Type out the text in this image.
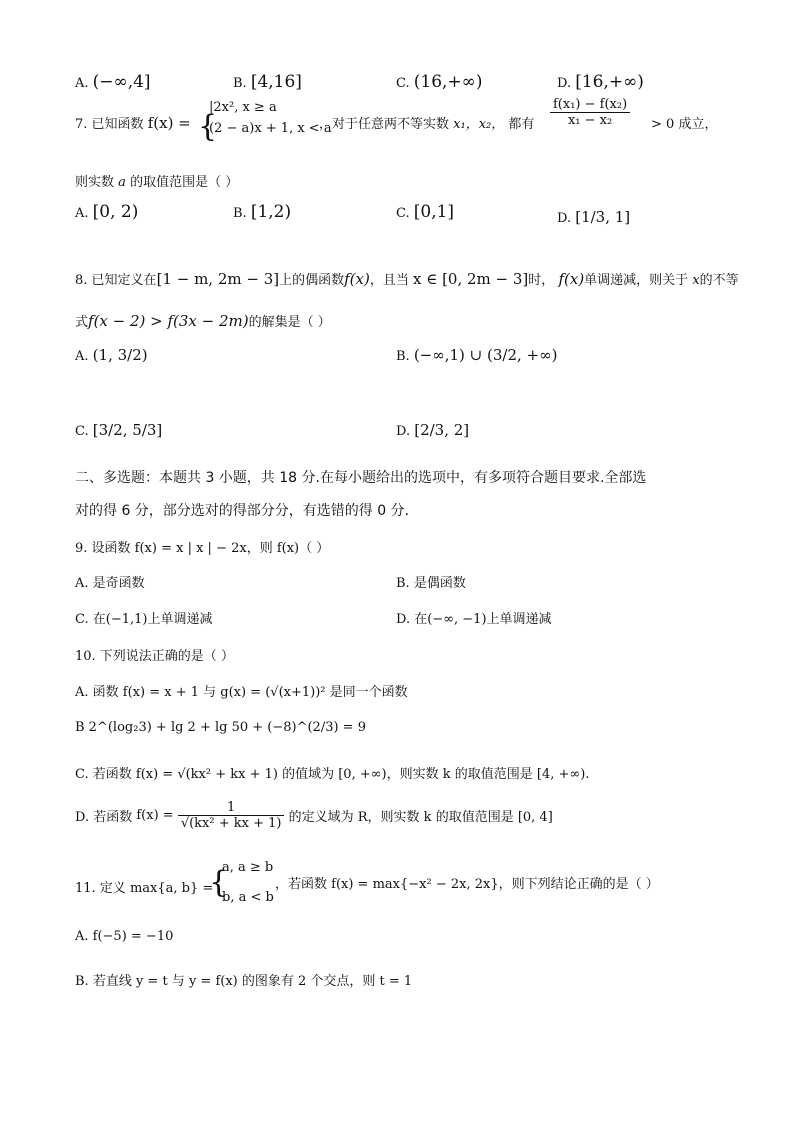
A. (−∞,4]	B. [4,16]	C. (16,+∞)	D. [16,+∞)
7. 已知函数 f(x) = {
|2x², x ≥ a
(2 − a)x + 1, x < a
，对于任意两不等实数 x₁，x₂， 都有 $\frac{\text{f(x₁) − f(x₂)}}{\text{x₁ − x₂}} > 0$ 成立，
则实数 a 的取值范围是（ ）
A. [0, 2)	B. [1,2)	C. [0,1]	D. [1/3, 1]
8. 已知定义在[1 − m, 2m − 3]上的偶函数f(x)，且当 x ∈ [0, 2m − 3]时， f(x)单调递减，则关于 x的不等
式f(x − 2) > f(3x − 2m)的解集是（ ）
A. (1, 3/2)	B. (−∞,1) ∪ (3/2, +∞)
C. [3/2, 5/3]	D. [2/3, 2]
二、多选题：本题共 3 小题，共 18 分.在每小题给出的选项中，有多项符合题目要求.全部选
对的得 6 分，部分选对的得部分分，有选错的得 0 分．
9. 设函数 f(x) = x | x | − 2x，则 f(x)（ ）
A. 是奇函数	B. 是偶函数
C. 在(−1,1)上单调递减	D. 在(−∞, −1)上单调递减
10. 下列说法正确的是（ ）
A. 函数 f(x) = x + 1 与 g(x) = (√(x+1))² 是同一个函数
B 2^(log₂3) + lg 2 + lg 50 + (−8)^(2/3) = 9
C. 若函数 f(x) = √(kx² + kx + 1) 的值域为 [0, +∞)，则实数 k 的取值范围是 [4, +∞).
D. 若函数 $f(x) = \frac{1}{\text{√(kx² + kx + 1)}}$ 的定义域为 R，则实数 k 的取值范围是 [0, 4]
11. 定义 max{a, b} =
{
a, a ≥ b
b, a < b
，若函数 f(x) = max{−x² − 2x, 2x}，则下列结论正确的是（ ）
A. f(−5) = −10
B. 若直线 y = t 与 y = f(x) 的图象有 2 个交点，则 t = 1
